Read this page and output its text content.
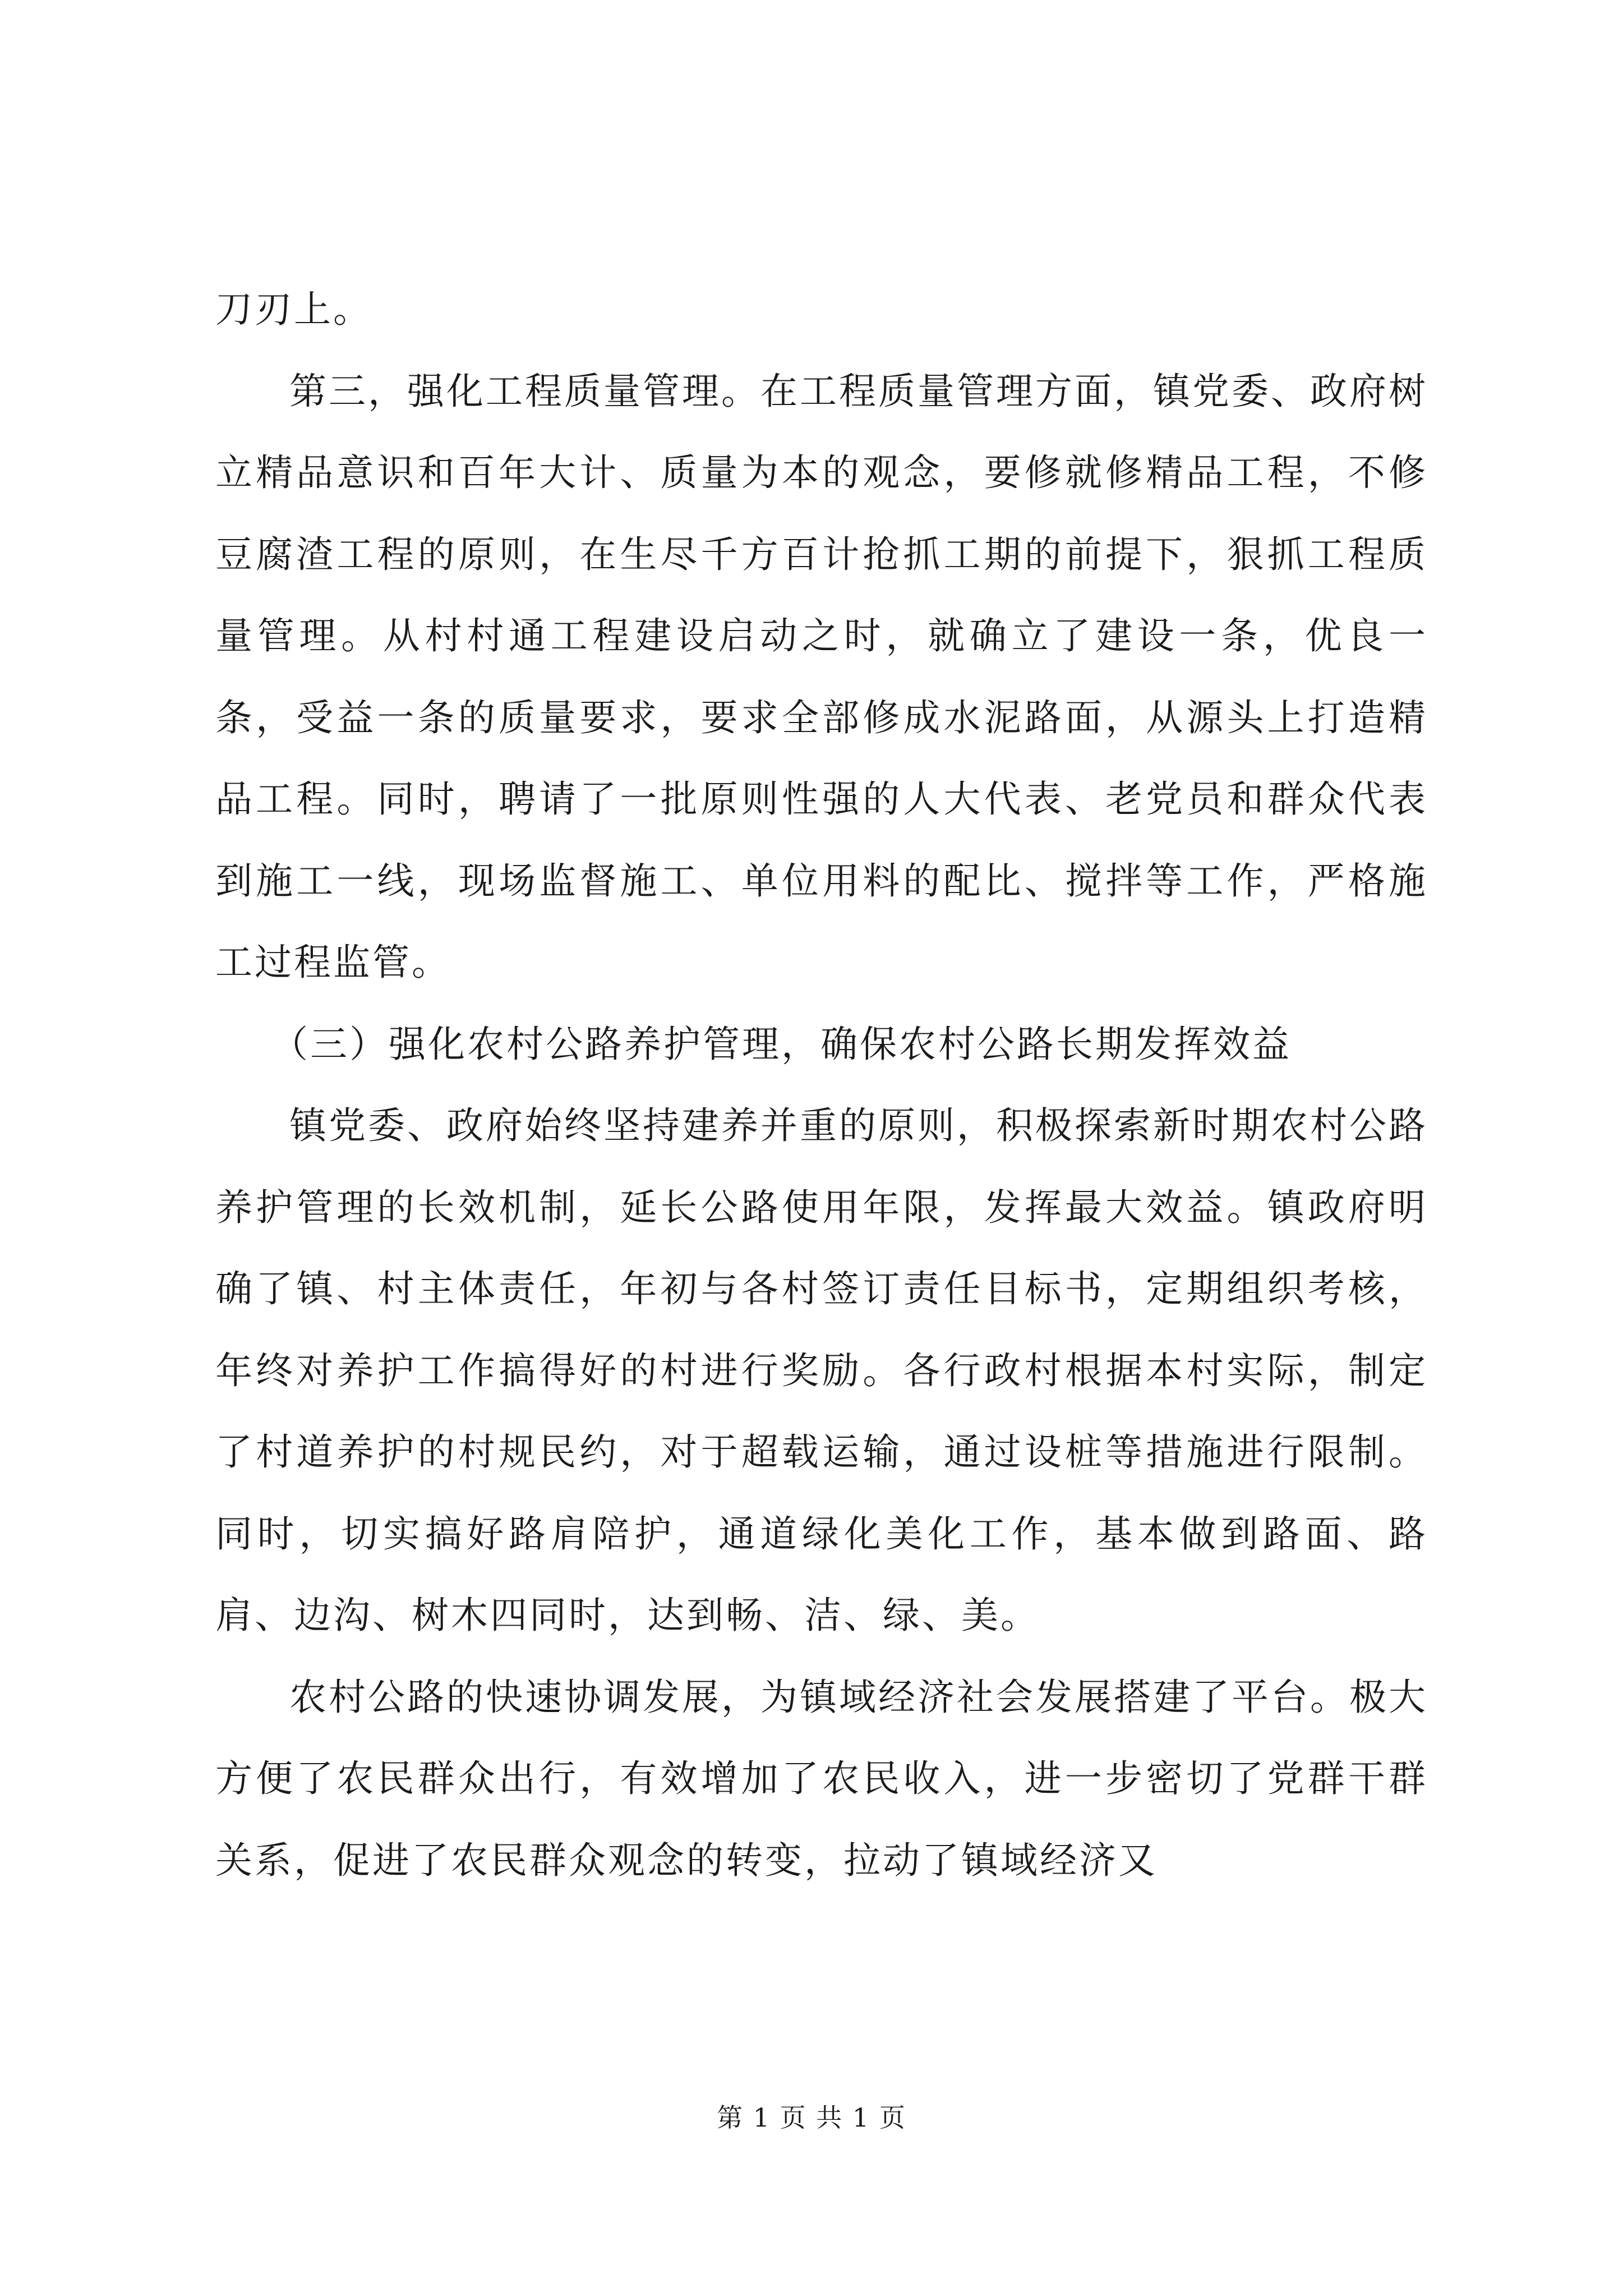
刀刃上。

第三，强化工程质量管理。在工程质量管理方面，镇党委、政府树立精品意识和百年大计、质量为本的观念，要修就修精品工程，不修豆腐渣工程的原则，在生尽千方百计抢抓工期的前提下，狠抓工程质量管理。从村村通工程建设启动之时，就确立了建设一条，优良一条，受益一条的质量要求，要求全部修成水泥路面，从源头上打造精品工程。同时，聘请了一批原则性强的人大代表、老党员和群众代表到施工一线，现场监督施工、单位用料的配比、搅拌等工作，严格施工过程监管。

（三）强化农村公路养护管理，确保农村公路长期发挥效益

镇党委、政府始终坚持建养并重的原则，积极探索新时期农村公路养护管理的长效机制，延长公路使用年限，发挥最大效益。镇政府明确了镇、村主体责任，年初与各村签订责任目标书，定期组织考核，年终对养护工作搞得好的村进行奖励。各行政村根据本村实际，制定了村道养护的村规民约，对于超载运输，通过设桩等措施进行限制。同时，切实搞好路肩陪护，通道绿化美化工作，基本做到路面、路肩、边沟、树木四同时，达到畅、洁、绿、美。

农村公路的快速协调发展，为镇域经济社会发展搭建了平台。极大方便了农民群众出行，有效增加了农民收入，进一步密切了党群干群关系，促进了农民群众观念的转变，拉动了镇域经济又

第 1 页 共 1 页
